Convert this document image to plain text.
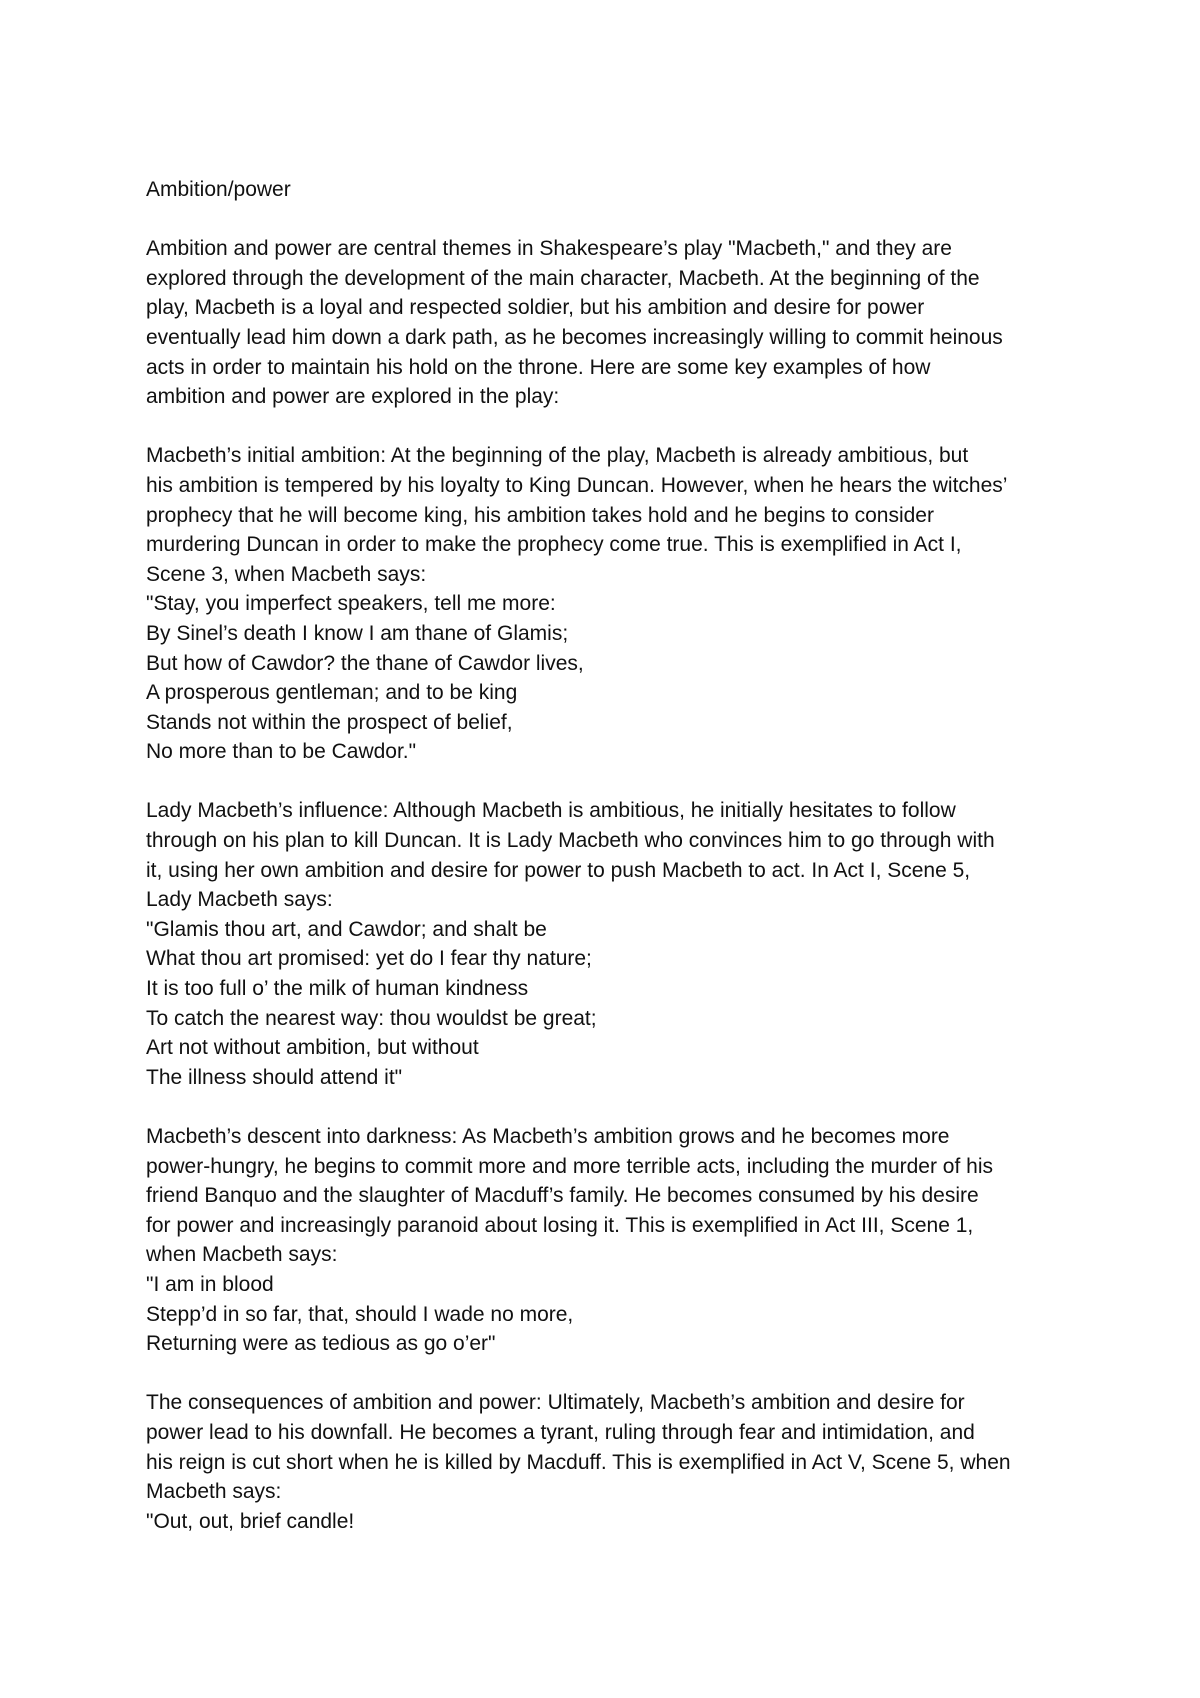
Ambition/power
Ambition and power are central themes in Shakespeare’s play "Macbeth," and they are
explored through the development of the main character, Macbeth. At the beginning of the
play, Macbeth is a loyal and respected soldier, but his ambition and desire for power
eventually lead him down a dark path, as he becomes increasingly willing to commit heinous
acts in order to maintain his hold on the throne. Here are some key examples of how
ambition and power are explored in the play:
Macbeth’s initial ambition: At the beginning of the play, Macbeth is already ambitious, but
his ambition is tempered by his loyalty to King Duncan. However, when he hears the witches’
prophecy that he will become king, his ambition takes hold and he begins to consider
murdering Duncan in order to make the prophecy come true. This is exemplified in Act I,
Scene 3, when Macbeth says:
"Stay, you imperfect speakers, tell me more:
By Sinel’s death I know I am thane of Glamis;
But how of Cawdor? the thane of Cawdor lives,
A prosperous gentleman; and to be king
Stands not within the prospect of belief,
No more than to be Cawdor."
Lady Macbeth’s influence: Although Macbeth is ambitious, he initially hesitates to follow
through on his plan to kill Duncan. It is Lady Macbeth who convinces him to go through with
it, using her own ambition and desire for power to push Macbeth to act. In Act I, Scene 5,
Lady Macbeth says:
"Glamis thou art, and Cawdor; and shalt be
What thou art promised: yet do I fear thy nature;
It is too full o’ the milk of human kindness
To catch the nearest way: thou wouldst be great;
Art not without ambition, but without
The illness should attend it"
Macbeth’s descent into darkness: As Macbeth’s ambition grows and he becomes more
power-hungry, he begins to commit more and more terrible acts, including the murder of his
friend Banquo and the slaughter of Macduff’s family. He becomes consumed by his desire
for power and increasingly paranoid about losing it. This is exemplified in Act III, Scene 1,
when Macbeth says:
"I am in blood
Stepp’d in so far, that, should I wade no more,
Returning were as tedious as go o’er"
The consequences of ambition and power: Ultimately, Macbeth’s ambition and desire for
power lead to his downfall. He becomes a tyrant, ruling through fear and intimidation, and
his reign is cut short when he is killed by Macduff. This is exemplified in Act V, Scene 5, when
Macbeth says:
"Out, out, brief candle!
